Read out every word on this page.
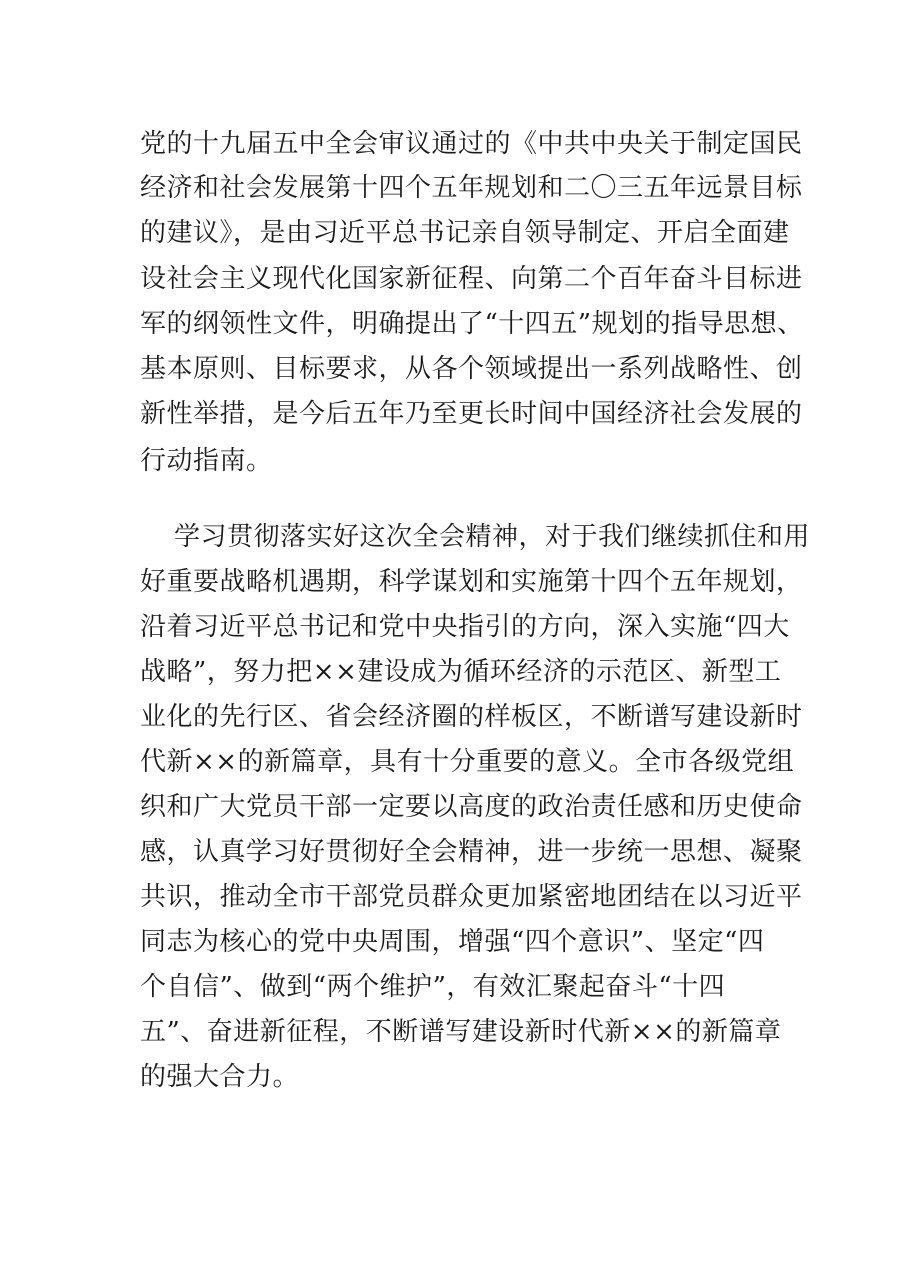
党的十九届五中全会审议通过的《中共中央关于制定国民
经济和社会发展第十四个五年规划和二〇三五年远景目标
的建议》，是由习近平总书记亲自领导制定、开启全面建
设社会主义现代化国家新征程、向第二个百年奋斗目标进
军的纲领性文件，明确提出了“十四五”规划的指导思想、
基本原则、目标要求，从各个领域提出一系列战略性、创
新性举措，是今后五年乃至更长时间中国经济社会发展的
行动指南。
学习贯彻落实好这次全会精神，对于我们继续抓住和用
好重要战略机遇期，科学谋划和实施第十四个五年规划，
沿着习近平总书记和党中央指引的方向，深入实施“四大
战略”，努力把××建设成为循环经济的示范区、新型工
业化的先行区、省会经济圈的样板区，不断谱写建设新时
代新××的新篇章，具有十分重要的意义。全市各级党组
织和广大党员干部一定要以高度的政治责任感和历史使命
感，认真学习好贯彻好全会精神，进一步统一思想、凝聚
共识，推动全市干部党员群众更加紧密地团结在以习近平
同志为核心的党中央周围，增强“四个意识”、坚定“四
个自信”、做到“两个维护”，有效汇聚起奋斗“十四
五”、奋进新征程，不断谱写建设新时代新××的新篇章
的强大合力。
